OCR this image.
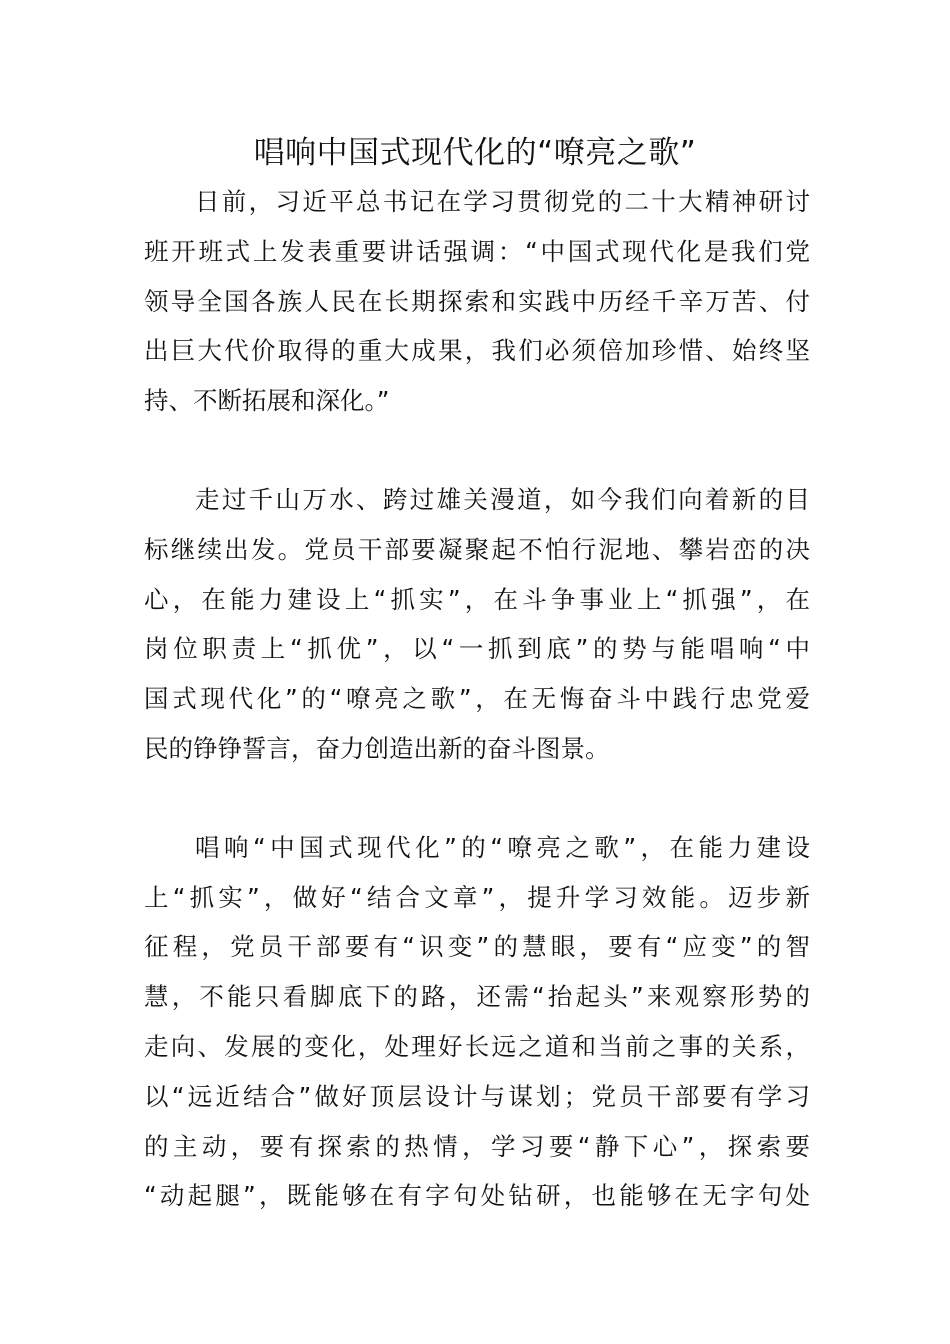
唱响中国式现代化的“嘹亮之歌”

日前，习近平总书记在学习贯彻党的二十大精神研讨
班开班式上发表重要讲话强调：“中国式现代化是我们党
领导全国各族人民在长期探索和实践中历经千辛万苦、付
出巨大代价取得的重大成果，我们必须倍加珍惜、始终坚
持、不断拓展和深化。”

走过千山万水、跨过雄关漫道，如今我们向着新的目
标继续出发。党员干部要凝聚起不怕行泥地、攀岩峦的决
心，在能力建设上“抓实”，在斗争事业上“抓强”，在
岗位职责上“抓优”，以“一抓到底”的势与能唱响“中
国式现代化”的“嘹亮之歌”，在无悔奋斗中践行忠党爱
民的铮铮誓言，奋力创造出新的奋斗图景。

唱响“中国式现代化”的“嘹亮之歌”，在能力建设
上“抓实”，做好“结合文章”，提升学习效能。迈步新
征程，党员干部要有“识变”的慧眼，要有“应变”的智
慧，不能只看脚底下的路，还需“抬起头”来观察形势的
走向、发展的变化，处理好长远之道和当前之事的关系，
以“远近结合”做好顶层设计与谋划；党员干部要有学习
的主动，要有探索的热情，学习要“静下心”，探索要
“动起腿”，既能够在有字句处钻研，也能够在无字句处
